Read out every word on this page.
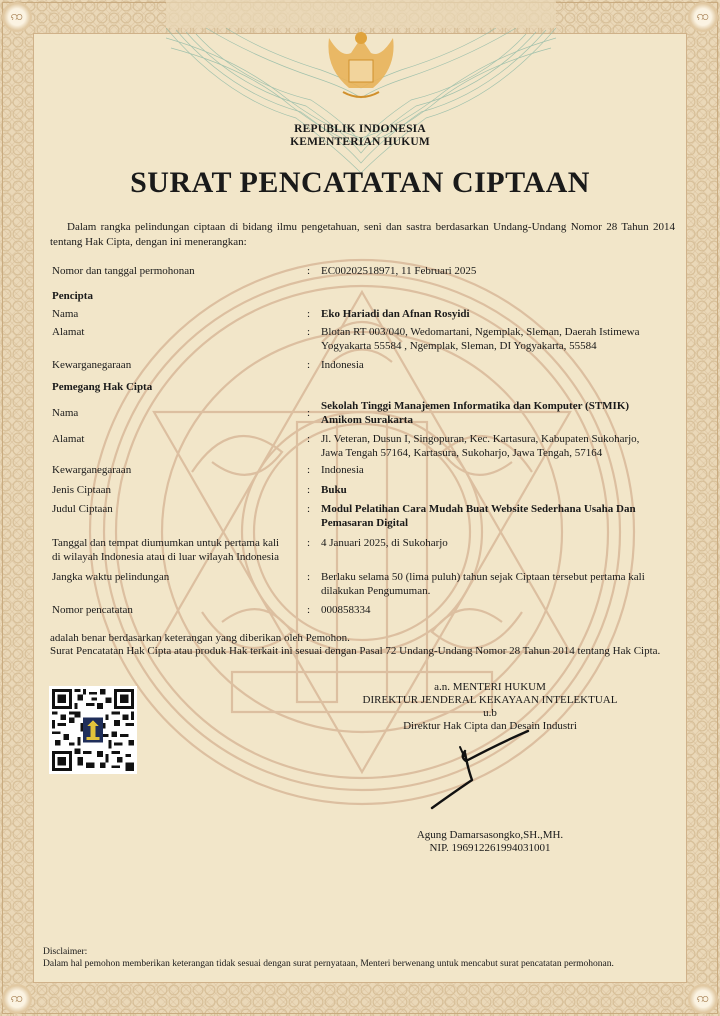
ꩡ	ꩡ
ꩡ	ꩡ
REPUBLIK INDONESIA
KEMENTERIAN HUKUM
SURAT PENCATATAN CIPTAAN
Dalam rangka pelindungan ciptaan di bidang ilmu pengetahuan, seni dan sastra berdasarkan Undang-Undang Nomor 28 Tahun 2014 tentang Hak Cipta, dengan ini menerangkan:
Nomor dan tanggal permohonan	: EC00202518971, 11 Februari 2025
Pencipta
Nama	: Eko Hariadi dan Afnan Rosyidi
Alamat	: Blotan RT 003/040, Wedomartani, Ngemplak, Sleman, Daerah Istimewa
Yogyakarta 55584 , Ngemplak, Sleman, DI Yogyakarta, 55584
Kewarganegaraan	: Indonesia
Pemegang Hak Cipta
Nama	:
Sekolah Tinggi Manajemen Informatika dan Komputer (STMIK)
Amikom Surakarta
Alamat	: Jl. Veteran, Dusun I, Singopuran, Kec. Kartasura, Kabupaten Sukoharjo,
Jawa Tengah 57164, Kartasura, Sukoharjo, Jawa Tengah, 57164
Kewarganegaraan	: Indonesia
Jenis Ciptaan	: Buku
Judul Ciptaan	: Modul Pelatihan Cara Mudah Buat Website Sederhana Usaha Dan
Pemasaran Digital
Tanggal dan tempat diumumkan untuk pertama kali
di wilayah Indonesia atau di luar wilayah Indonesia
: 4 Januari 2025, di Sukoharjo
Jangka waktu pelindungan	: Berlaku selama 50 (lima puluh) tahun sejak Ciptaan tersebut pertama kali
dilakukan Pengumuman.
Nomor pencatatan	: 000858334
adalah benar berdasarkan keterangan yang diberikan oleh Pemohon.
Surat Pencatatan Hak Cipta atau produk Hak terkait ini sesuai dengan Pasal 72 Undang-Undang Nomor 28 Tahun 2014 tentang Hak Cipta.
a.n. MENTERI HUKUM
DIREKTUR JENDERAL KEKAYAAN INTELEKTUAL
u.b
Direktur Hak Cipta dan Desain Industri
Agung Damarsasongko,SH.,MH.
NIP. 196912261994031001
Disclaimer:
Dalam hal pemohon memberikan keterangan tidak sesuai dengan surat pernyataan, Menteri berwenang untuk mencabut surat pencatatan permohonan.
